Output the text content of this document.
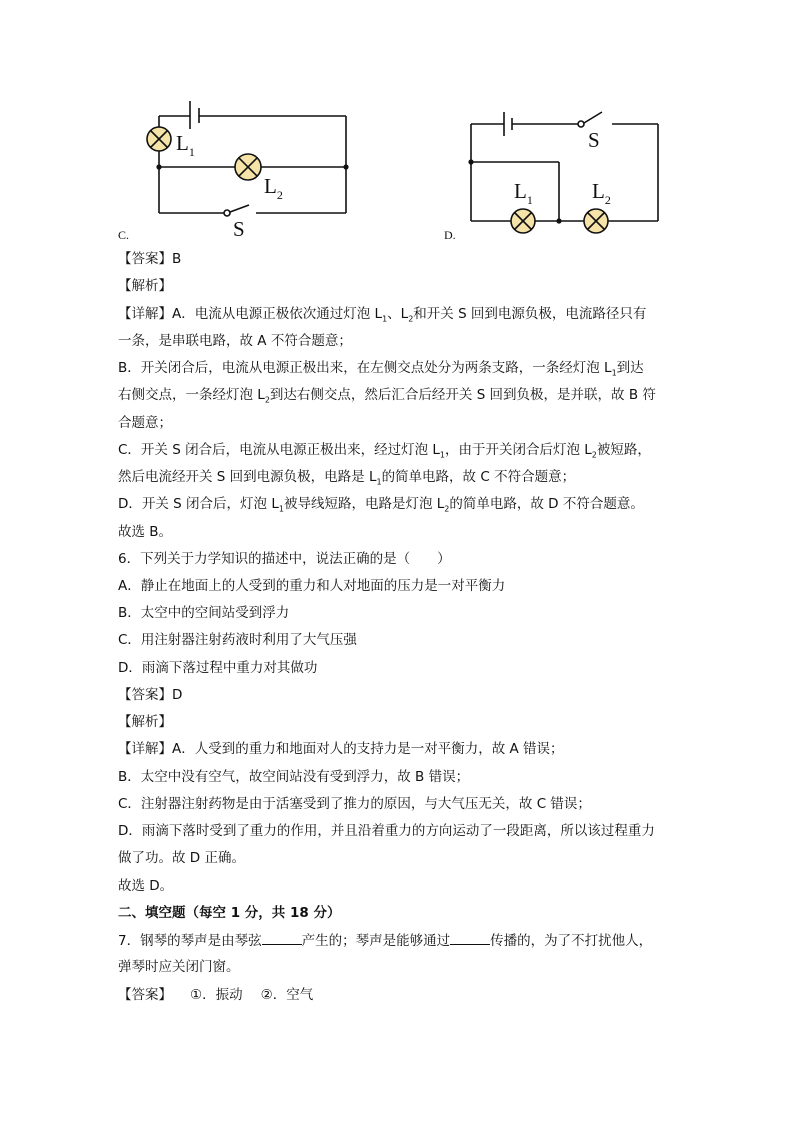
$L_1$
$L_2$
S
C.
S
$L_1$	$L_2$
D.
【答案】B
【解析】
【详解】A．电流从电源正极依次通过灯泡 $L_1$、$L_2$和开关 S 回到电源负极，电流路径只有
一条，是串联电路，故 A 不符合题意；
B．开关闭合后，电流从电源正极出来，在左侧交点处分为两条支路，一条经灯泡 $L_1$到达
右侧交点，一条经灯泡 $L_2$到达右侧交点，然后汇合后经开关 S 回到负极，是并联，故 B 符
合题意；
C．开关 S 闭合后，电流从电源正极出来，经过灯泡 $L_1$，由于开关闭合后灯泡 $L_2$被短路，
然后电流经开关 S 回到电源负极，电路是 $L_1$的简单电路，故 C 不符合题意；
D．开关 S 闭合后，灯泡 $L_1$被导线短路，电路是灯泡 $L_2$的简单电路，故 D 不符合题意。
故选 B。
6．下列关于力学知识的描述中，说法正确的是（　　）
A．静止在地面上的人受到的重力和人对地面的压力是一对平衡力
B．太空中的空间站受到浮力
C．用注射器注射药液时利用了大气压强
D．雨滴下落过程中重力对其做功
【答案】D
【解析】
【详解】A．人受到的重力和地面对人的支持力是一对平衡力，故 A 错误；
B．太空中没有空气，故空间站没有受到浮力，故 B 错误；
C．注射器注射药物是由于活塞受到了推力的原因，与大气压无关，故 C 错误；
D．雨滴下落时受到了重力的作用，并且沿着重力的方向运动了一段距离，所以该过程重力
做了功。故 D 正确。
故选 D。
二、填空题（每空 1 分，共 18 分）
7．钢琴的琴声是由琴弦	产生的；琴声是能够通过	传播的，为了不打扰他人，
弹琴时应关闭门窗。
【答案】 ①．振动 ②．空气
